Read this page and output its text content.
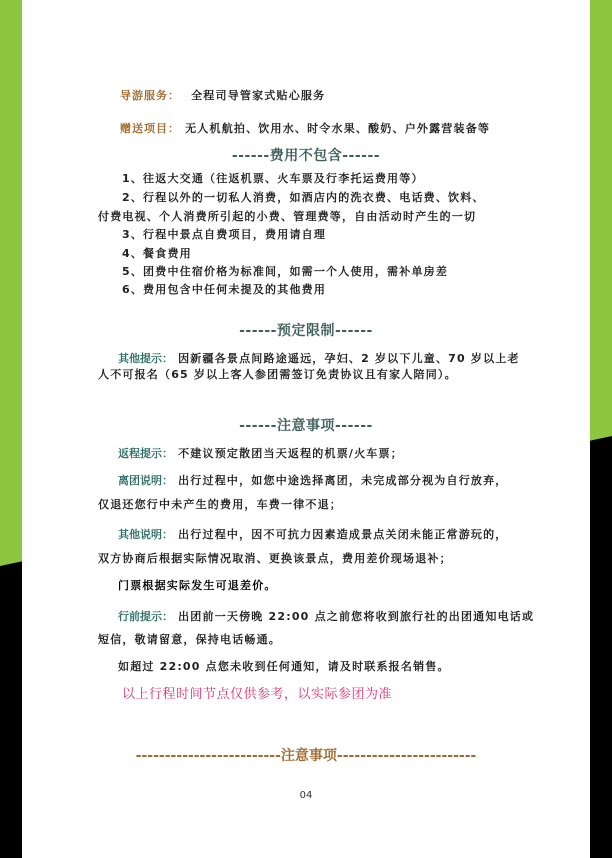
导游服务： 全程司导管家式贴心服务
赠送项目： 无人机航拍、饮用水、时令水果、酸奶、户外露营装备等
------费用不包含------
1、往返大交通（往返机票、火车票及行李托运费用等）
2、行程以外的一切私人消费，如酒店内的洗衣费、电话费、饮料、
付费电视、个人消费所引起的小费、管理费等，自由活动时产生的一切
3、行程中景点自费项目，费用请自理
4、餐食费用
5、团费中住宿价格为标准间，如需一个人使用，需补单房差
6、费用包含中任何未提及的其他费用
------预定限制------
其他提示： 因新疆各景点间路途遥远，孕妇、2 岁以下儿童、70 岁以上老
人不可报名（65 岁以上客人参团需签订免责协议且有家人陪同）。
------注意事项------
返程提示： 不建议预定散团当天返程的机票/火车票；
离团说明： 出行过程中，如您中途选择离团，未完成部分视为自行放弃，
仅退还您行中未产生的费用，车费一律不退；
其他说明： 出行过程中，因不可抗力因素造成景点关闭未能正常游玩的，
双方协商后根据实际情况取消、更换该景点，费用差价现场退补；
门票根据实际发生可退差价。
行前提示： 出团前一天傍晚 22:00 点之前您将收到旅行社的出团通知电话或
短信，敬请留意，保持电话畅通。
如超过 22:00 点您未收到任何通知，请及时联系报名销售。
以上行程时间节点仅供参考，以实际参团为准
-------------------------注意事项------------------------
04
